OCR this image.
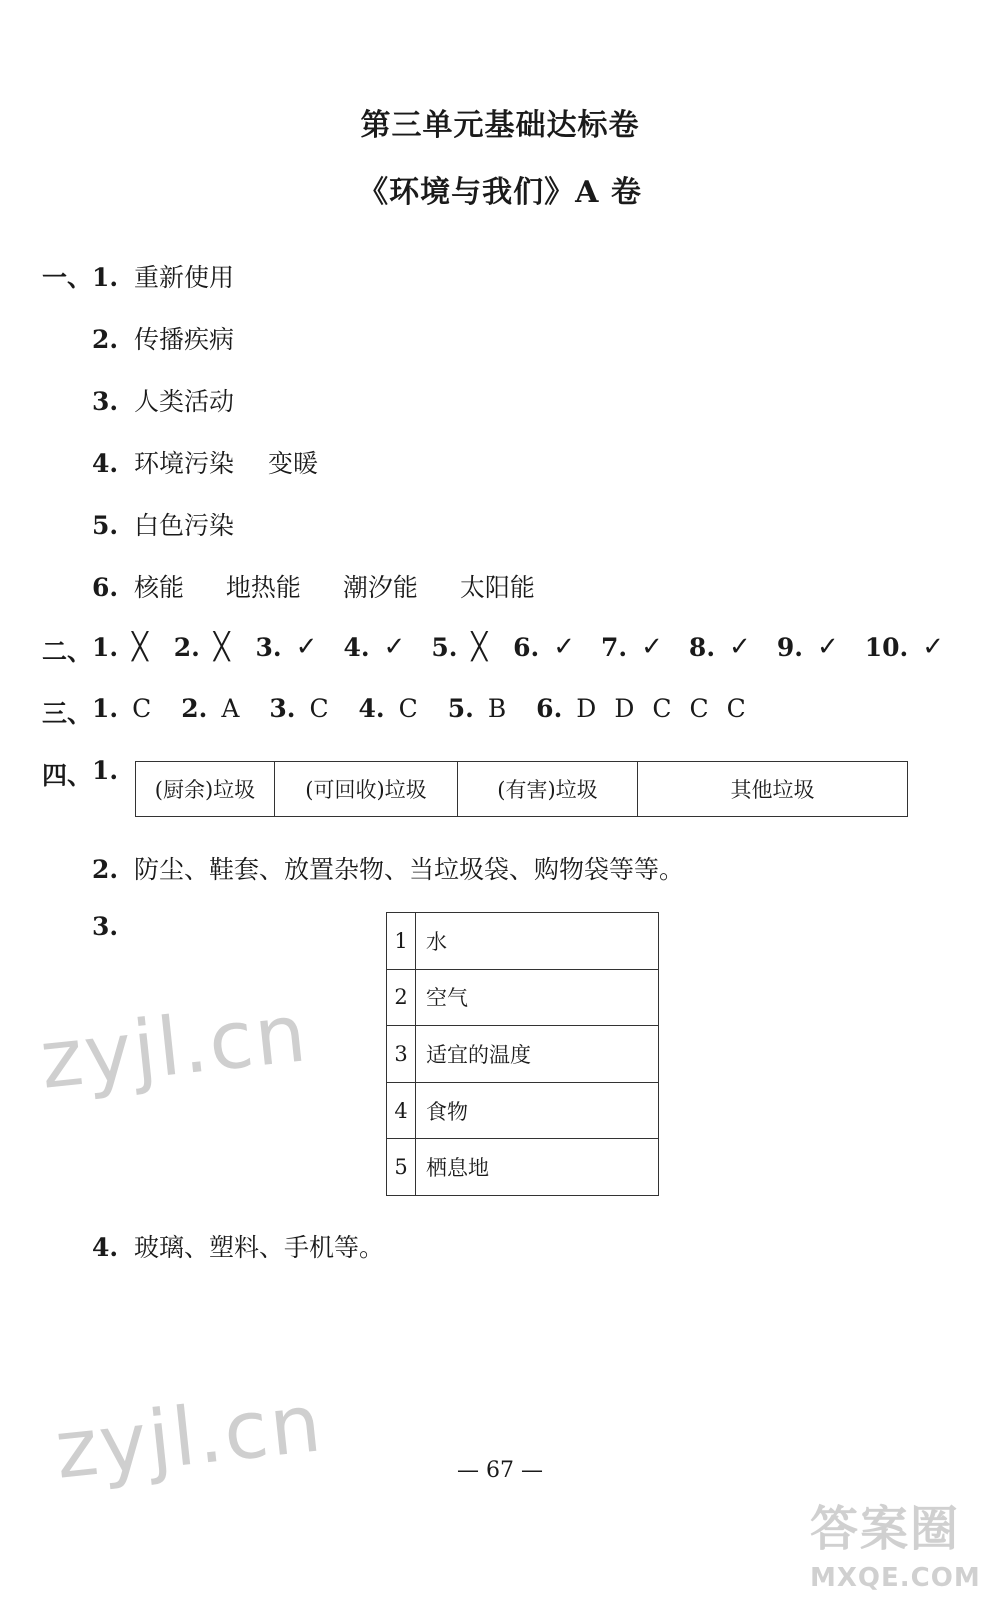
第三单元基础达标卷
《环境与我们》A 卷
一、 1. 重新使用
2. 传播疾病
3. 人类活动
4. 环境污染 变暖
5. 白色污染
6. 核能 地热能 潮汐能 太阳能
二、 1. ╳ 2. ╳ 3. ✓ 4. ✓ 5. ╳ 6. ✓ 7. ✓ 8. ✓ 9. ✓ 10. ✓
三、 1. C 2. A 3. C 4. C 5. B 6. D D C C C
四、 1.
(厨余)垃圾	(可回收)垃圾	(有害)垃圾	其他垃圾
2. 防尘、鞋套、放置杂物、当垃圾袋、购物袋等等。
3.	1	水
2	空气
3	适宜的温度
4	食物
5	栖息地
4. 玻璃、塑料、手机等。
zyjl.cn
zyjl.cn	— 67 —
答案圈
MXQE.COM
